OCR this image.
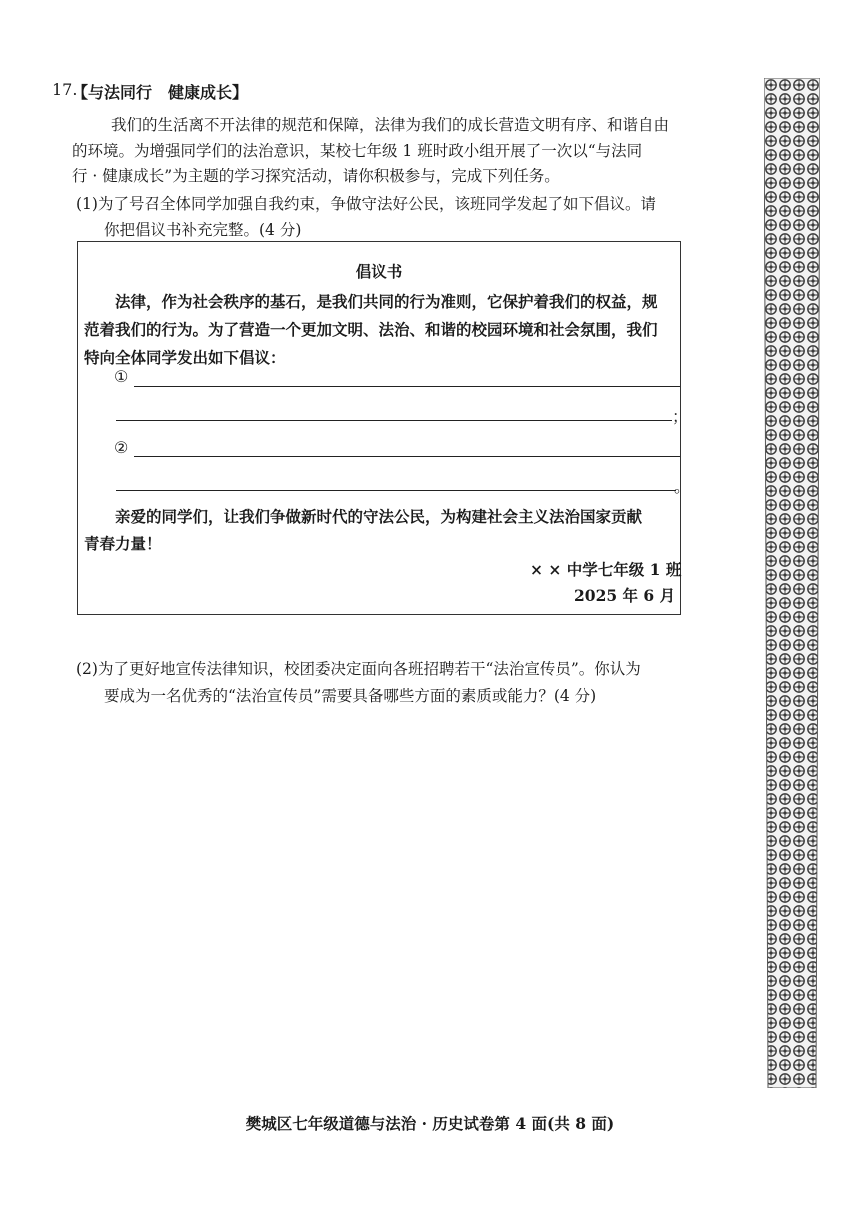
17.
【与法同行　健康成长】
我们的生活离不开法律的规范和保障，法律为我们的成长营造文明有序、和谐自由
的环境。为增强同学们的法治意识，某校七年级 1 班时政小组开展了一次以“与法同
行 · 健康成长”为主题的学习探究活动，请你积极参与，完成下列任务。
(1)为了号召全体同学加强自我约束，争做守法好公民，该班同学发起了如下倡议。请
你把倡议书补充完整。(4 分)
倡议书
　　法律，作为社会秩序的基石，是我们共同的行为准则，它保护着我们的权益，规
范着我们的行为。为了营造一个更加文明、法治、和谐的校园环境和社会氛围，我们
特向全体同学发出如下倡议：
①
；
②
。
　　亲爱的同学们，让我们争做新时代的守法公民，为构建社会主义法治国家贡献
青春力量！
× × 中学七年级 1 班
2025 年 6 月
(2)为了更好地宣传法律知识，校团委决定面向各班招聘若干“法治宣传员”。你认为
要成为一名优秀的“法治宣传员”需要具备哪些方面的素质或能力？(4 分)
樊城区七年级道德与法治 · 历史试卷第 4 面(共 8 面)
